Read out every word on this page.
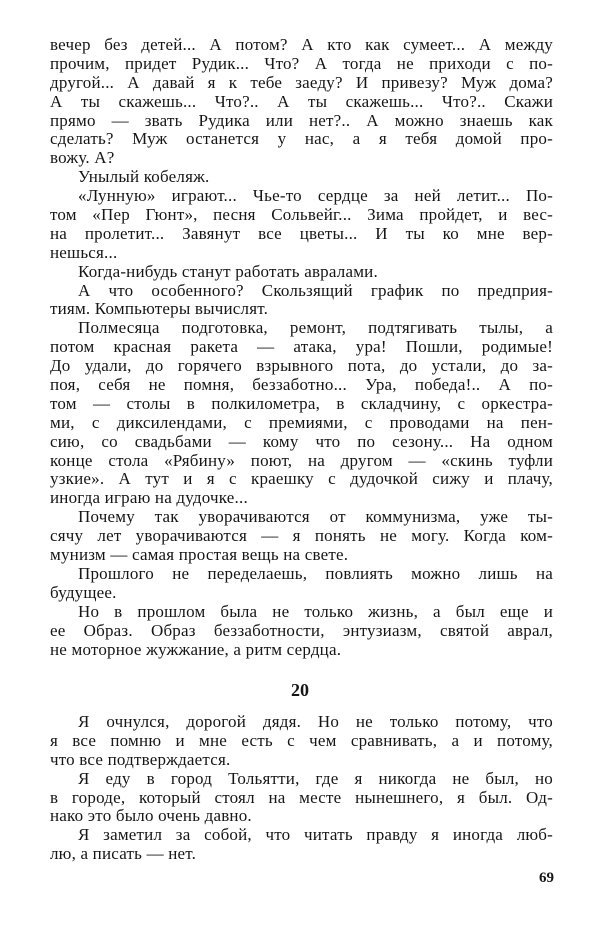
вечер без детей... А потом? А кто как сумеет... А между
прочим, придет Рудик... Что? А тогда не приходи с по-
другой... А давай я к тебе заеду? И привезу? Муж дома?
А ты скажешь... Что?.. А ты скажешь... Что?.. Скажи
прямо — звать Рудика или нет?.. А можно знаешь как
сделать? Муж останется у нас, а я тебя домой про-
вожу. А?
Унылый кобеляж.
«Лунную» играют... Чье-то сердце за ней летит... По-
том «Пер Гюнт», песня Сольвейг... Зима пройдет, и вес-
на пролетит... Завянут все цветы... И ты ко мне вер-
нешься...
Когда-нибудь станут работать авралами.
А что особенного? Скользящий график по предприя-
тиям. Компьютеры вычислят.
Полмесяца подготовка, ремонт, подтягивать тылы, а
потом красная ракета — атака, ура! Пошли, родимые!
До удали, до горячего взрывного пота, до устали, до за-
поя, себя не помня, беззаботно... Ура, победа!.. А по-
том — столы в полкилометра, в складчину, с оркестра-
ми, с диксилендами, с премиями, с проводами на пен-
сию, со свадьбами — кому что по сезону... На одном
конце стола «Рябину» поют, на другом — «скинь туфли
узкие». А тут и я с краешку с дудочкой сижу и плачу,
иногда играю на дудочке...
Почему так уворачиваются от коммунизма, уже ты-
сячу лет уворачиваются — я понять не могу. Когда ком-
мунизм — самая простая вещь на свете.
Прошлого не переделаешь, повлиять можно лишь на
будущее.
Но в прошлом была не только жизнь, а был еще и
ее Образ. Образ беззаботности, энтузиазм, святой аврал,
не моторное жужжание, а ритм сердца.
20
Я очнулся, дорогой дядя. Но не только потому, что
я все помню и мне есть с чем сравнивать, а и потому,
что все подтверждается.
Я еду в город Тольятти, где я никогда не был, но
в городе, который стоял на месте нынешнего, я был. Од-
нако это было очень давно.
Я заметил за собой, что читать правду я иногда люб-
лю, а писать — нет.
69
